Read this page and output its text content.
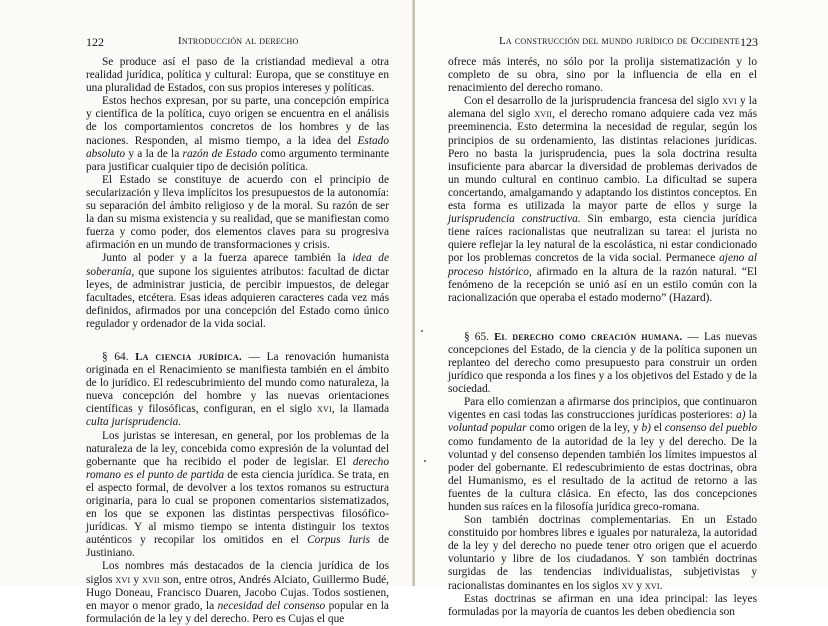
122	Introducción al derecho

Se produce así el paso de la cristiandad medieval a otra realidad jurídica, política y cultural: Europa, que se constituye en una pluralidad de Estados, con sus propios intereses y políticas.

Estos hechos expresan, por su parte, una concepción empírica y científica de la política, cuyo origen se encuentra en el análisis de los comportamientos concretos de los hombres y de las naciones. Responden, al mismo tiempo, a la idea del Estado absoluto y a la de la razón de Estado como argumento terminante para justificar cualquier tipo de decisión política.

El Estado se constituye de acuerdo con el principio de secularización y lleva implícitos los presupuestos de la autonomía: su separación del ámbito religioso y de la moral. Su razón de ser la dan su misma existencia y su realidad, que se manifiestan como fuerza y como poder, dos elementos claves para su progresiva afirmación en un mundo de transformaciones y crisis.

Junto al poder y a la fuerza aparece también la idea de soberanía, que supone los siguientes atributos: facultad de dictar leyes, de administrar justicia, de percibir impuestos, de delegar facultades, etcétera. Esas ideas adquieren caracteres cada vez más definidos, afirmados por una concepción del Estado como único regulador y ordenador de la vida social.

§ 64. La ciencia jurídica. — La renovación humanista originada en el Renacimiento se manifiesta también en el ámbito de lo jurídico. El redescubrimiento del mundo como naturaleza, la nueva concepción del hombre y las nuevas orientaciones científicas y filosóficas, configuran, en el siglo xvi, la llamada culta jurisprudencia.

Los juristas se interesan, en general, por los problemas de la naturaleza de la ley, concebida como expresión de la voluntad del gobernante que ha recibido el poder de legislar. El derecho romano es el punto de partida de esta ciencia jurídica. Se trata, en el aspecto formal, de devolver a los textos romanos su estructura originaria, para lo cual se proponen comentarios sistematizados, en los que se exponen las distintas perspectivas filosófico-jurídicas. Y al mismo tiempo se intenta distinguir los textos auténticos y recopilar los omitidos en el Corpus Iuris de Justiniano.

Los nombres más destacados de la ciencia jurídica de los siglos xvi y xvii son, entre otros, Andrés Alciato, Guillermo Budé, Hugo Doneau, Francisco Duaren, Jacobo Cujas. Todos sostienen, en mayor o menor grado, la necesidad del consenso popular en la formulación de la ley y del derecho. Pero es Cujas el que

La construcción del mundo jurídico de Occidente 123

ofrece más interés, no sólo por la prolija sistematización y lo completo de su obra, sino por la influencia de ella en el renacimiento del derecho romano.

Con el desarrollo de la jurisprudencia francesa del siglo xvi y la alemana del siglo xvii, el derecho romano adquiere cada vez más preeminencia. Esto determina la necesidad de regular, según los principios de su ordenamiento, las distintas relaciones jurídicas. Pero no basta la jurisprudencia, pues la sola doctrina resulta insuficiente para abarcar la diversidad de problemas derivados de un mundo cultural en continuo cambio. La dificultad se supera concertando, amalgamando y adaptando los distintos conceptos. En esta forma es utilizada la mayor parte de ellos y surge la jurisprudencia constructiva. Sin embargo, esta ciencia jurídica tiene raíces racionalistas que neutralizan su tarea: el jurista no quiere reflejar la ley natural de la escolástica, ni estar condicionado por los problemas concretos de la vida social. Permanece ajeno al proceso histórico, afirmado en la altura de la razón natural. “El fenómeno de la recepción se unió así en un estilo común con la racionalización que operaba el estado moderno” (Hazard).

§ 65. El derecho como creación humana. — Las nuevas concepciones del Estado, de la ciencia y de la política suponen un replanteo del derecho como presupuesto para construir un orden jurídico que responda a los fines y a los objetivos del Estado y de la sociedad.

Para ello comienzan a afirmarse dos principios, que continuaron vigentes en casi todas las construcciones jurídicas posteriores: a) la voluntad popular como origen de la ley, y b) el consenso del pueblo como fundamento de la autoridad de la ley y del derecho. De la voluntad y del consenso dependen también los límites impuestos al poder del gobernante. El redescubrimiento de estas doctrinas, obra del Humanismo, es el resultado de la actitud de retorno a las fuentes de la cultura clásica. En efecto, las dos concepciones hunden sus raíces en la filosofía jurídica greco-romana.

Son también doctrinas complementarias. En un Estado constituido por hombres libres e iguales por naturaleza, la autoridad de la ley y del derecho no puede tener otro origen que el acuerdo voluntario y libre de los ciudadanos. Y son también doctrinas surgidas de las tendencias individualistas, subjetivistas y racionalistas dominantes en los siglos xv y xvi.

Estas doctrinas se afirman en una idea principal: las leyes formuladas por la mayoría de cuantos les deben obediencia son
